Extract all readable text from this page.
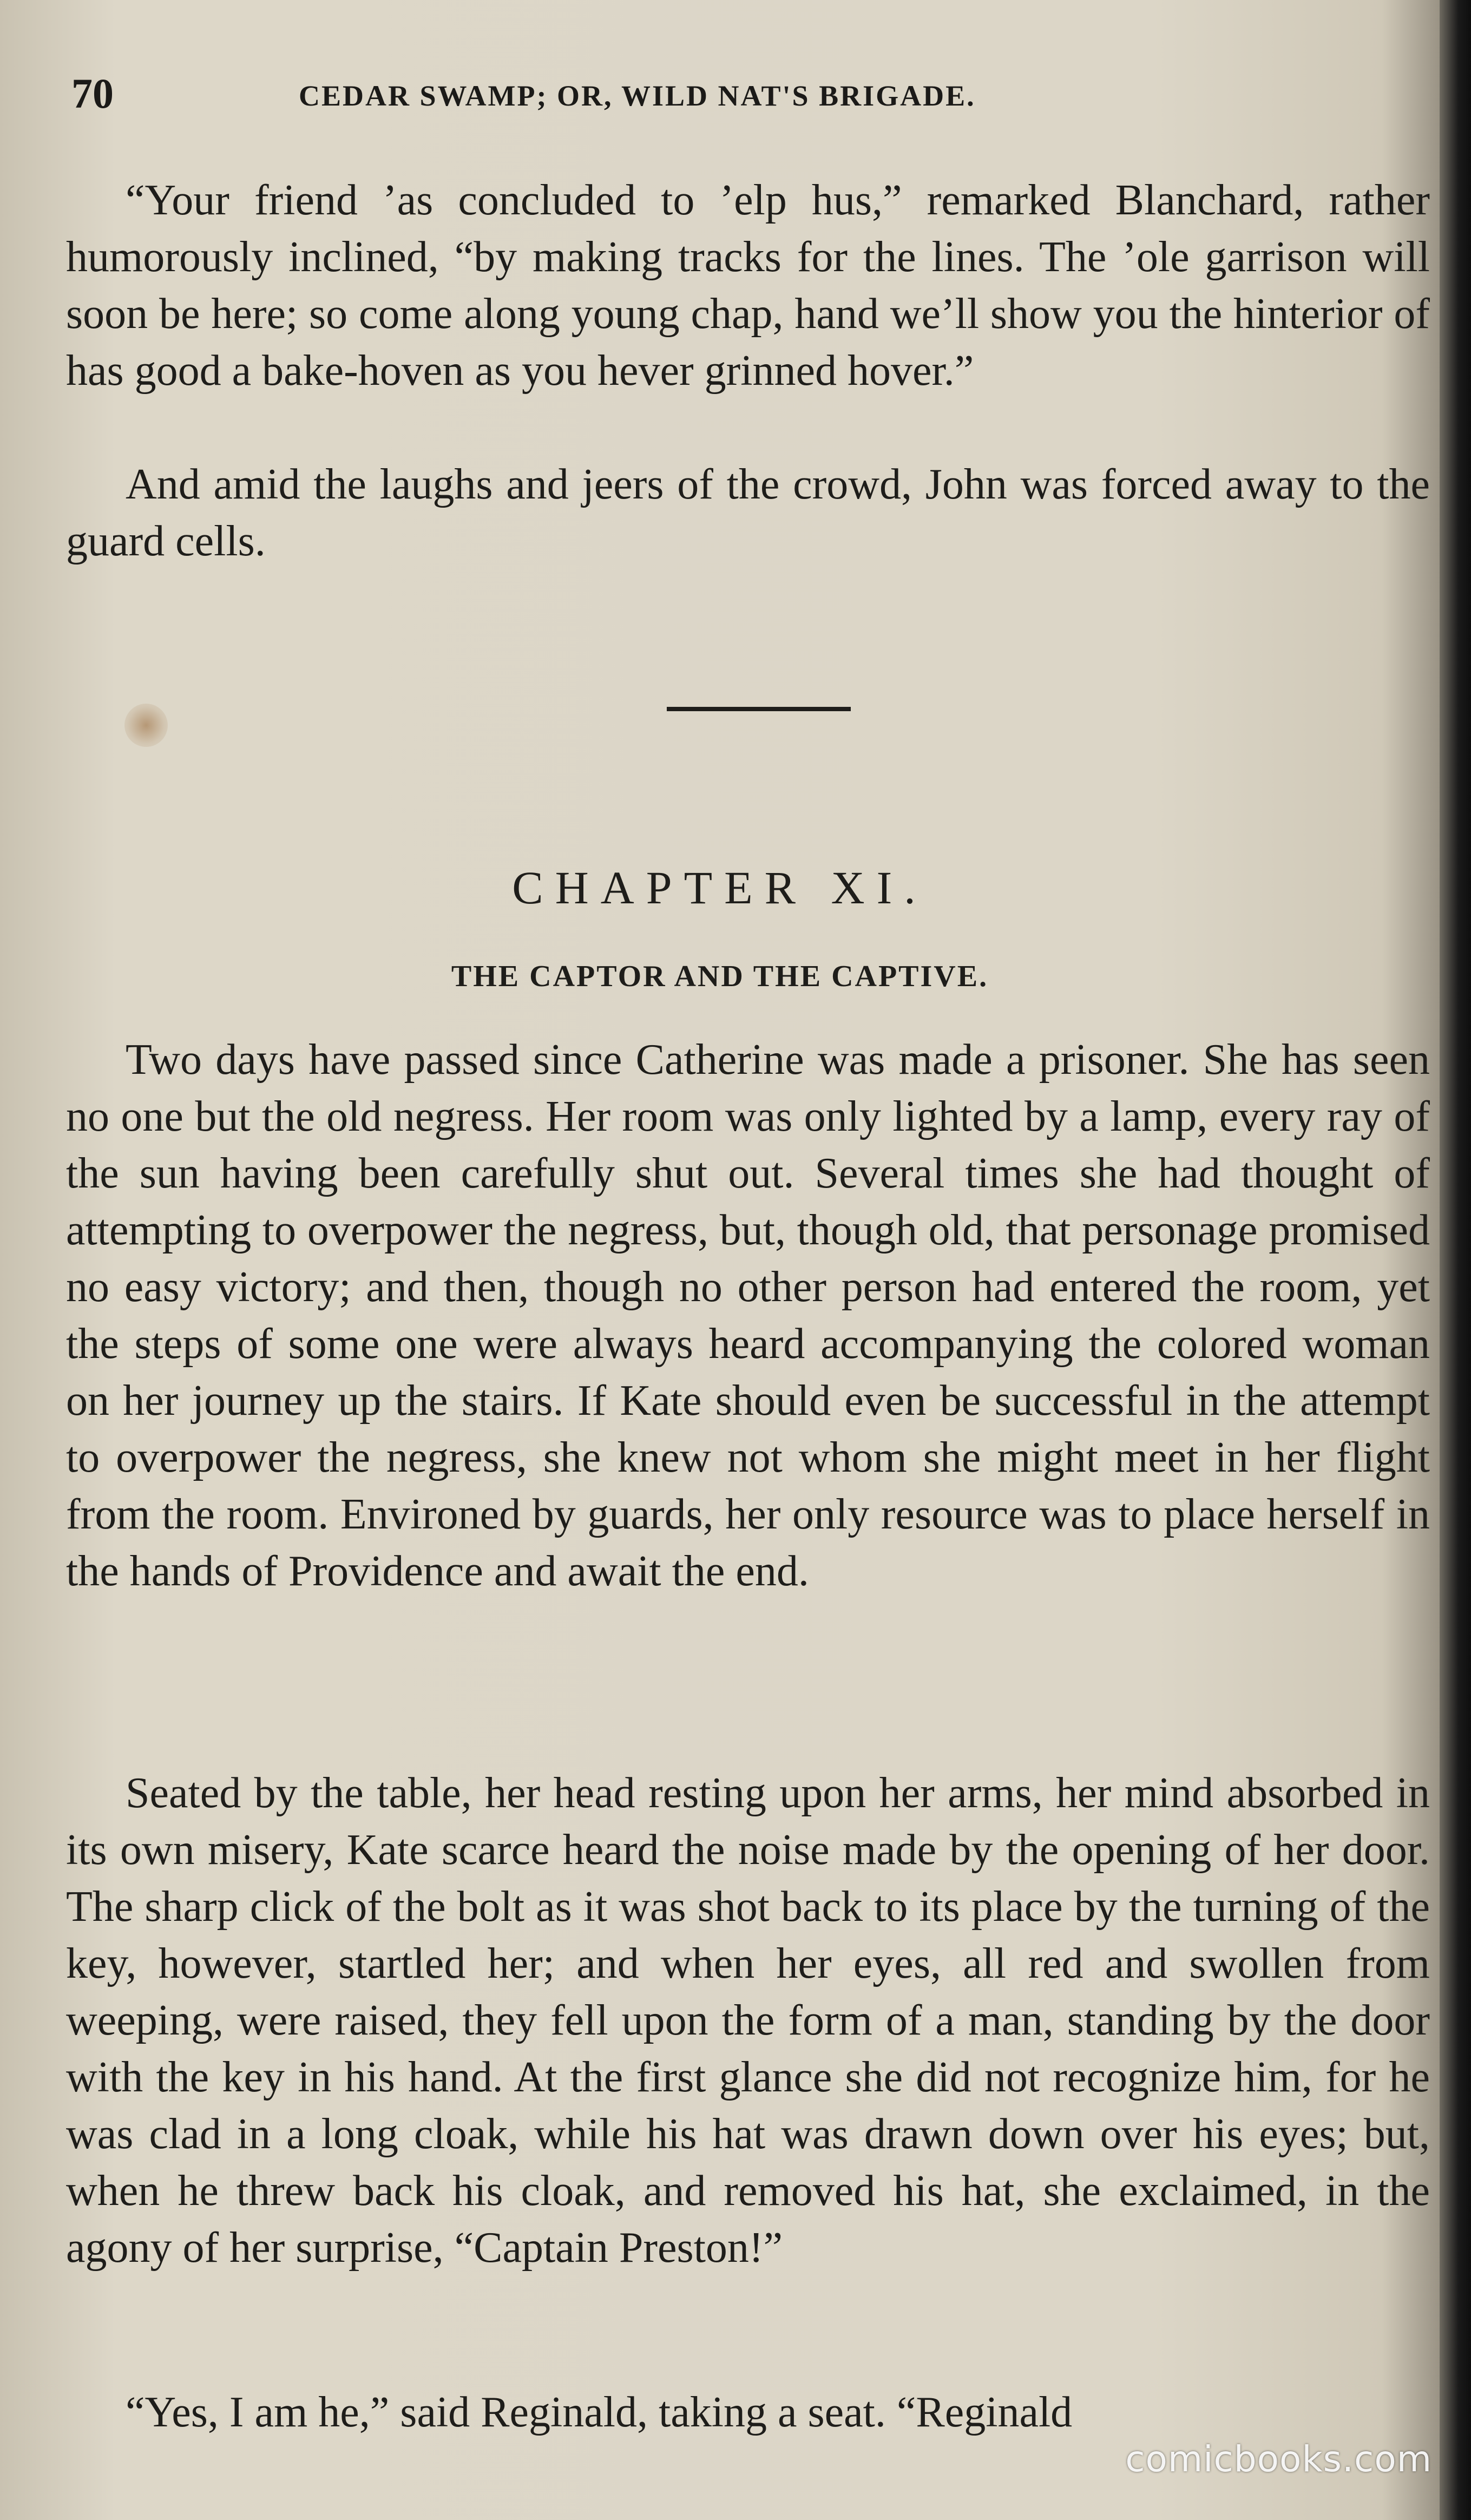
70	CEDAR SWAMP; OR, WILD NAT'S BRIGADE.

“Your friend ’as concluded to ’elp hus,” remarked Blanchard, rather humorously inclined, “by making tracks for the lines. The ’ole garrison will soon be here; so come along young chap, hand we’ll show you the hinterior of has good a bake-hoven as you hever grinned hover.”

And amid the laughs and jeers of the crowd, John was forced away to the guard cells.

CHAPTER XI.
THE CAPTOR AND THE CAPTIVE.

Two days have passed since Catherine was made a prisoner. She has seen no one but the old negress. Her room was only lighted by a lamp, every ray of the sun having been carefully shut out. Several times she had thought of attempting to overpower the negress, but, though old, that personage promised no easy victory; and then, though no other person had entered the room, yet the steps of some one were always heard accompanying the colored woman on her journey up the stairs. If Kate should even be successful in the attempt to overpower the negress, she knew not whom she might meet in her flight from the room. Environed by guards, her only resource was to place herself in the hands of Providence and await the end.

Seated by the table, her head resting upon her arms, her mind absorbed in its own misery, Kate scarce heard the noise made by the opening of her door. The sharp click of the bolt as it was shot back to its place by the turning of the key, however, startled her; and when her eyes, all red and swollen from weeping, were raised, they fell upon the form of a man, standing by the door with the key in his hand. At the first glance she did not recognize him, for he was clad in a long cloak, while his hat was drawn down over his eyes; but, when he threw back his cloak, and removed his hat, she exclaimed, in the agony of her surprise, “Captain Preston!”

“Yes, I am he,” said Reginald, taking a seat. “Reginald

comicbooks.com
